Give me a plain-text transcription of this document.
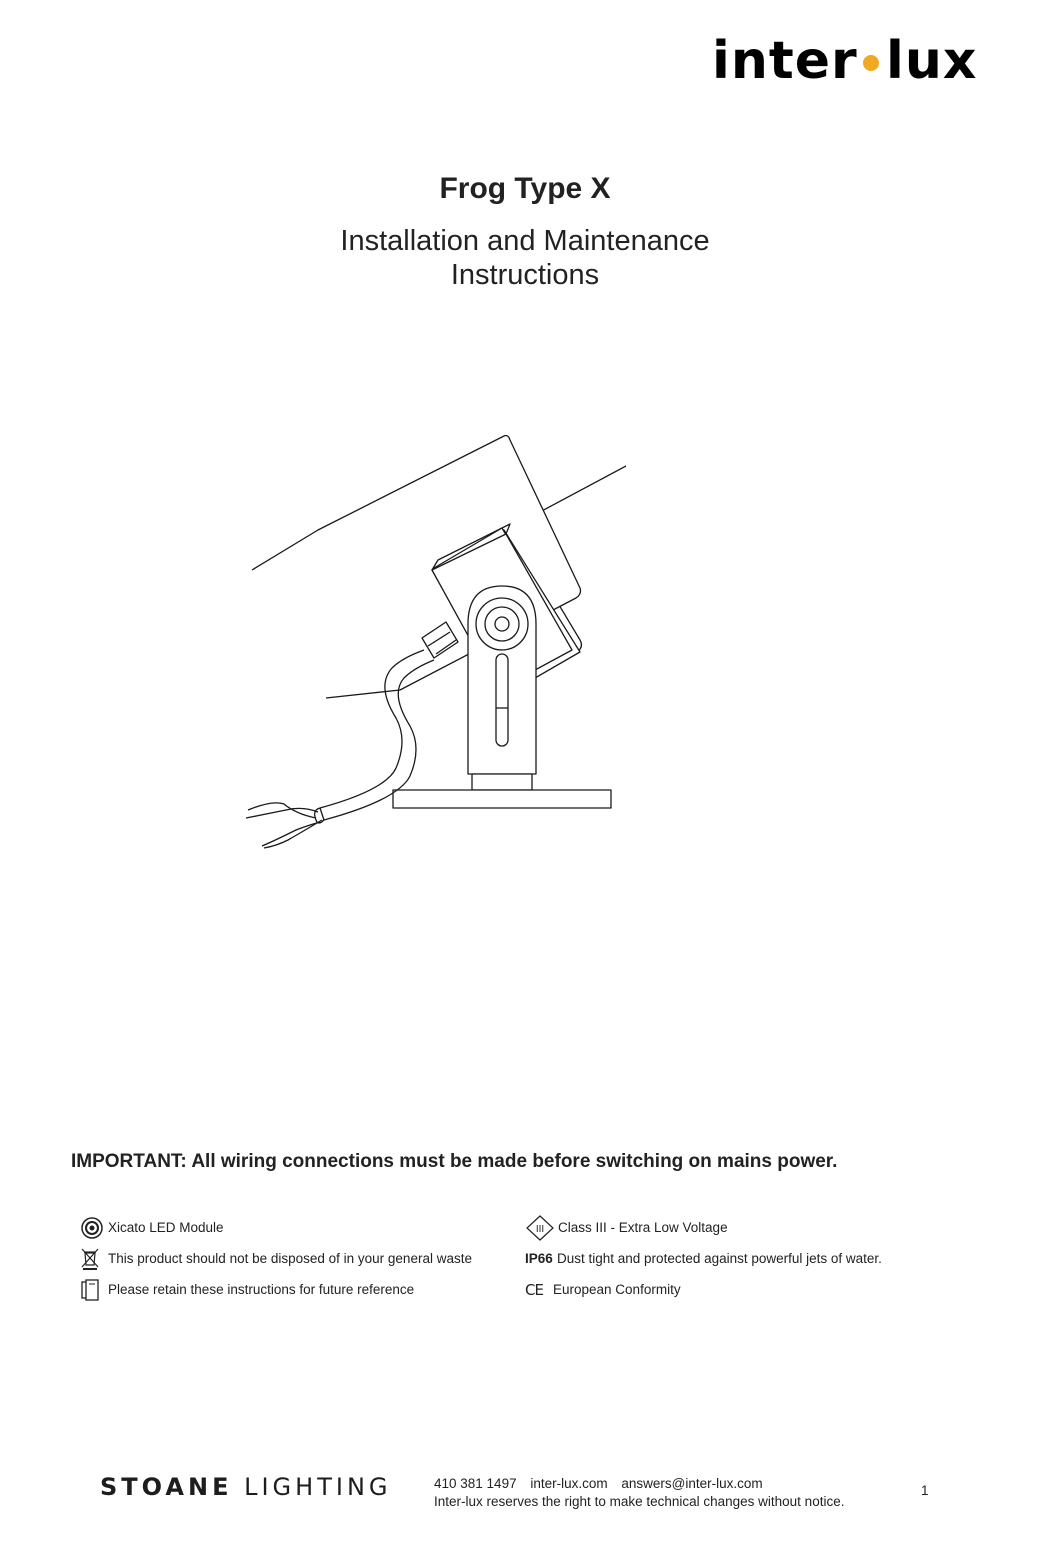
inter lux
Frog Type X
Installation and Maintenance
Instructions
IMPORTANT: All wiring connections must be made before switching on mains power.
Xicato LED Module
This product should not be disposed of in your general waste
Please retain these instructions for future reference
III Class III - Extra Low Voltage
IP66 Dust tight and protected against powerful jets of water.
CE European Conformity
STOANE LIGHTING	410 381 1497 inter-lux.com answers@inter-lux.com
Inter-lux reserves the right to make technical changes without notice.
1
